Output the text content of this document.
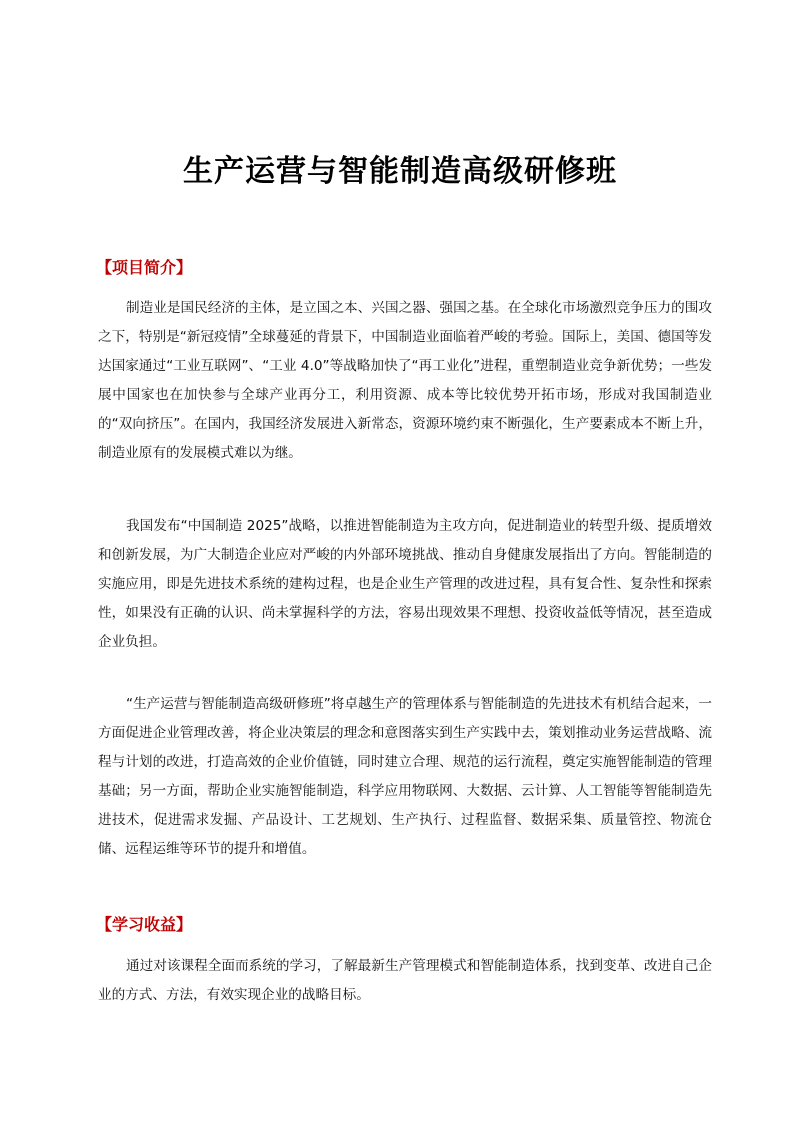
生产运营与智能制造高级研修班
【项目简介】

制造业是国民经济的主体，是立国之本、兴国之器、强国之基。在全球化市场激烈竞争压力的围攻之下，特别是“新冠疫情”全球蔓延的背景下，中国制造业面临着严峻的考验。国际上，美国、德国等发达国家通过“工业互联网”、“工业 4.0”等战略加快了“再工业化”进程，重塑制造业竞争新优势；一些发展中国家也在加快参与全球产业再分工，利用资源、成本等比较优势开拓市场，形成对我国制造业的“双向挤压”。在国内，我国经济发展进入新常态，资源环境约束不断强化，生产要素成本不断上升，制造业原有的发展模式难以为继。

我国发布“中国制造 2025”战略，以推进智能制造为主攻方向，促进制造业的转型升级、提质增效和创新发展，为广大制造企业应对严峻的内外部环境挑战、推动自身健康发展指出了方向。智能制造的实施应用，即是先进技术系统的建构过程，也是企业生产管理的改进过程，具有复合性、复杂性和探索性，如果没有正确的认识、尚未掌握科学的方法，容易出现效果不理想、投资收益低等情况，甚至造成企业负担。

“生产运营与智能制造高级研修班”将卓越生产的管理体系与智能制造的先进技术有机结合起来，一方面促进企业管理改善，将企业决策层的理念和意图落实到生产实践中去，策划推动业务运营战略、流程与计划的改进，打造高效的企业价值链，同时建立合理、规范的运行流程，奠定实施智能制造的管理基础；另一方面，帮助企业实施智能制造，科学应用物联网、大数据、云计算、人工智能等智能制造先进技术，促进需求发掘、产品设计、工艺规划、生产执行、过程监督、数据采集、质量管控、物流仓储、远程运维等环节的提升和增值。

【学习收益】

通过对该课程全面而系统的学习，了解最新生产管理模式和智能制造体系，找到变革、改进自己企业的方式、方法，有效实现企业的战略目标。
